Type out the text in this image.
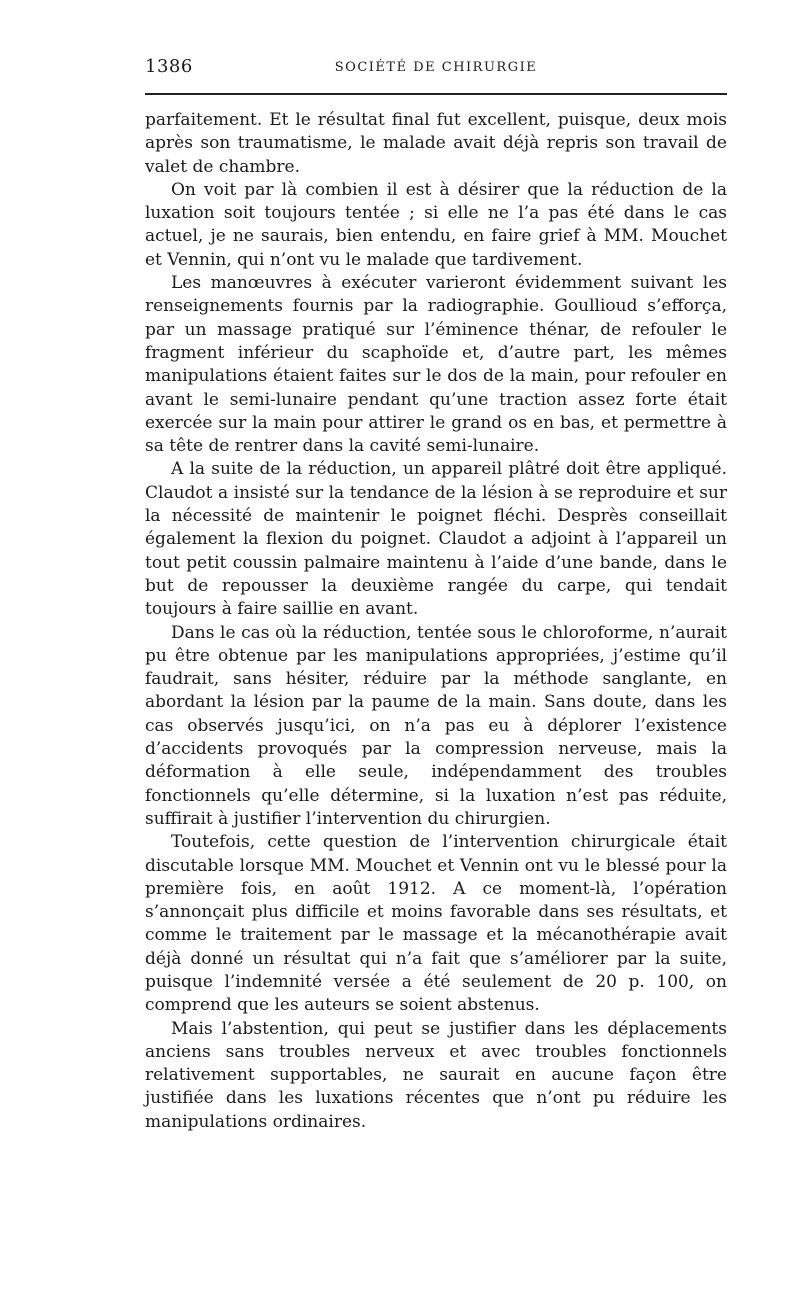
1386	SOCIÉTÉ DE CHIRURGIE

parfaitement. Et le résultat final fut excellent, puisque, deux mois après son traumatisme, le malade avait déjà repris son travail de valet de chambre.

On voit par là combien il est à désirer que la réduction de la luxation soit toujours tentée ; si elle ne l’a pas été dans le cas actuel, je ne saurais, bien entendu, en faire grief à MM. Mouchet et Vennin, qui n’ont vu le malade que tardivement.

Les manœuvres à exécuter varieront évidemment suivant les renseignements fournis par la radiographie. Goullioud s’efforça, par un massage pratiqué sur l’éminence thénar, de refouler le fragment inférieur du scaphoïde et, d’autre part, les mêmes manipulations étaient faites sur le dos de la main, pour refouler en avant le semi-lunaire pendant qu’une traction assez forte était exercée sur la main pour attirer le grand os en bas, et permettre à sa tête de rentrer dans la cavité semi-lunaire.

A la suite de la réduction, un appareil plâtré doit être appliqué. Claudot a insisté sur la tendance de la lésion à se reproduire et sur la nécessité de maintenir le poignet fléchi. Desprès conseillait également la flexion du poignet. Claudot a adjoint à l’appareil un tout petit coussin palmaire maintenu à l’aide d’une bande, dans le but de repousser la deuxième rangée du carpe, qui tendait toujours à faire saillie en avant.

Dans le cas où la réduction, tentée sous le chloroforme, n’aurait pu être obtenue par les manipulations appropriées, j’estime qu’il faudrait, sans hésiter, réduire par la méthode sanglante, en abordant la lésion par la paume de la main. Sans doute, dans les cas observés jusqu’ici, on n’a pas eu à déplorer l’existence d’accidents provoqués par la compression nerveuse, mais la déformation à elle seule, indépendamment des troubles fonctionnels qu’elle détermine, si la luxation n’est pas réduite, suffirait à justifier l’intervention du chirurgien.

Toutefois, cette question de l’intervention chirurgicale était discutable lorsque MM. Mouchet et Vennin ont vu le blessé pour la première fois, en août 1912. A ce moment-là, l’opération s’annonçait plus difficile et moins favorable dans ses résultats, et comme le traitement par le massage et la mécanothérapie avait déjà donné un résultat qui n’a fait que s’améliorer par la suite, puisque l’indemnité versée a été seulement de 20 p. 100, on comprend que les auteurs se soient abstenus.

Mais l’abstention, qui peut se justifier dans les déplacements anciens sans troubles nerveux et avec troubles fonctionnels relativement supportables, ne saurait en aucune façon être justifiée dans les luxations récentes que n’ont pu réduire les manipulations ordinaires.
